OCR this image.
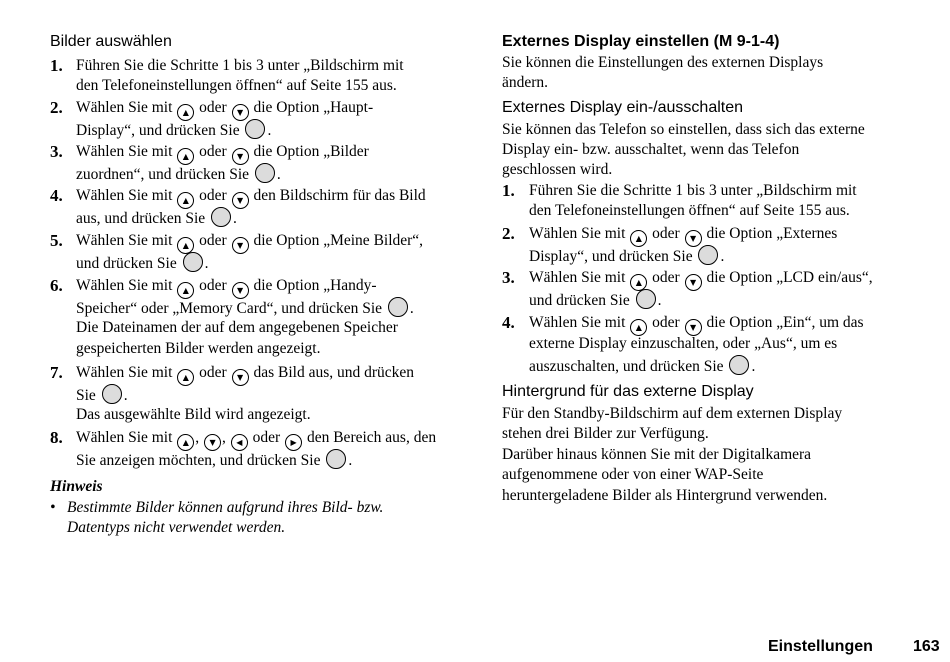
Bilder auswählen
1. Führen Sie die Schritte 1 bis 3 unter „Bildschirm mit
den Telefoneinstellungen öffnen“ auf Seite 155 aus.
2. Wählen Sie mit ▲ oder ▼ die Option „Haupt-
Display“, und drücken Sie .
3. Wählen Sie mit ▲ oder ▼ die Option „Bilder
zuordnen“, und drücken Sie .
4. Wählen Sie mit ▲ oder ▼ den Bildschirm für das Bild
aus, und drücken Sie .
5. Wählen Sie mit ▲ oder ▼ die Option „Meine Bilder“,
und drücken Sie .
6. Wählen Sie mit ▲ oder ▼ die Option „Handy-
Speicher“ oder „Memory Card“, und drücken Sie .
Die Dateinamen der auf dem angegebenen Speicher
gespeicherten Bilder werden angezeigt.
7. Wählen Sie mit ▲ oder ▼ das Bild aus, und drücken
Sie .
Das ausgewählte Bild wird angezeigt.
8. Wählen Sie mit ▲ , ▼ , ◀ oder ▶ den Bereich aus, den
Sie anzeigen möchten, und drücken Sie .
Hinweis
• Bestimmte Bilder können aufgrund ihres Bild- bzw.
Datentyps nicht verwendet werden.
Externes Display einstellen (M 9-1-4)
Sie können die Einstellungen des externen Displays
ändern.
Externes Display ein-/ausschalten
Sie können das Telefon so einstellen, dass sich das externe
Display ein- bzw. ausschaltet, wenn das Telefon
geschlossen wird.
1. Führen Sie die Schritte 1 bis 3 unter „Bildschirm mit
den Telefoneinstellungen öffnen“ auf Seite 155 aus.
2. Wählen Sie mit ▲ oder ▼ die Option „Externes
Display“, und drücken Sie .
3. Wählen Sie mit ▲ oder ▼ die Option „LCD ein/aus“,
und drücken Sie .
4. Wählen Sie mit ▲ oder ▼ die Option „Ein“, um das
externe Display einzuschalten, oder „Aus“, um es
auszuschalten, und drücken Sie .
Hintergrund für das externe Display
Für den Standby-Bildschirm auf dem externen Display
stehen drei Bilder zur Verfügung.
Darüber hinaus können Sie mit der Digitalkamera
aufgenommene oder von einer WAP-Seite
heruntergeladene Bilder als Hintergrund verwenden.
Einstellungen	163
